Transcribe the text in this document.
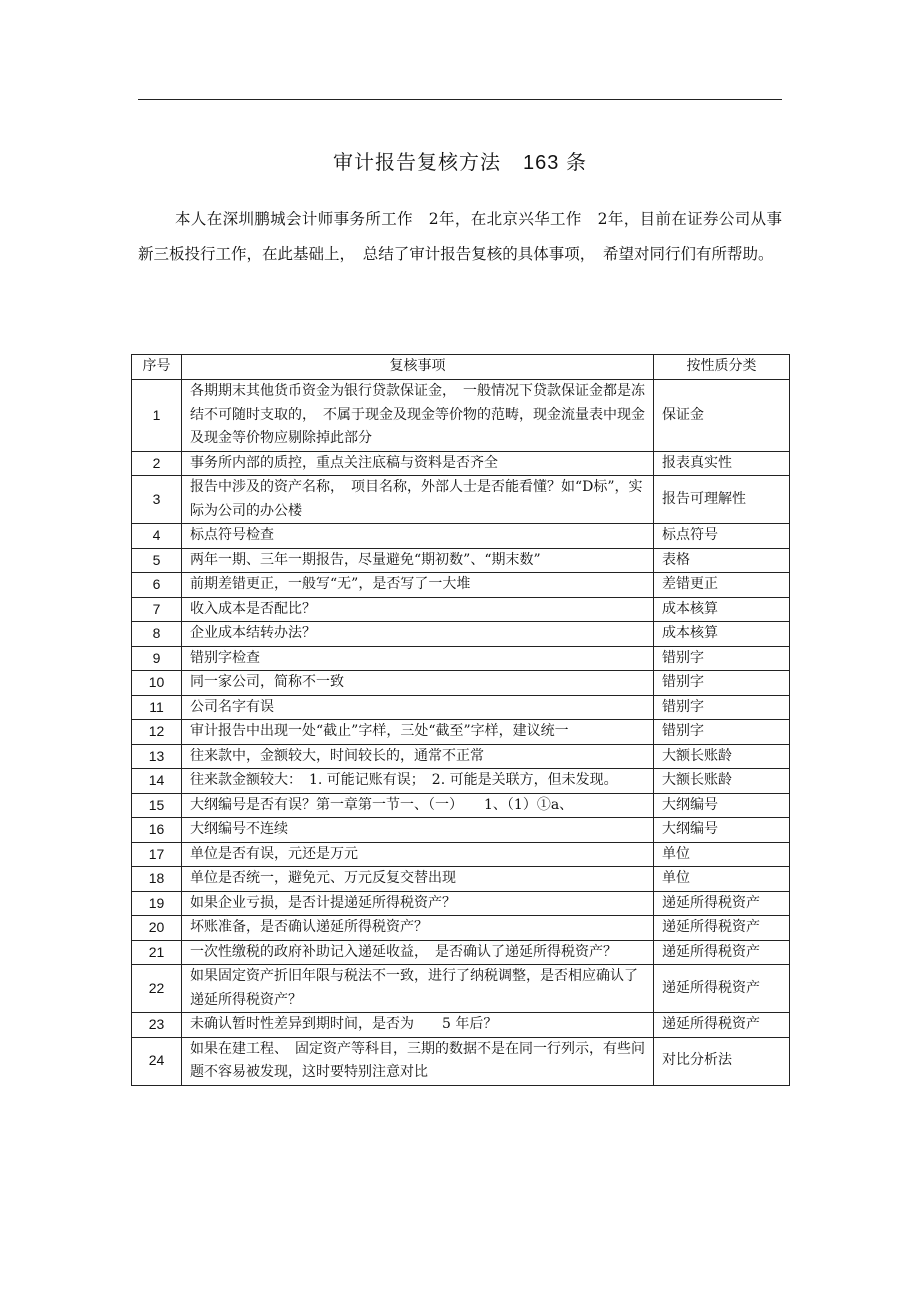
审计报告复核方法 163 条

本人在深圳鹏城会计师事务所工作　2年，在北京兴华工作　2年，目前在证券公司从事新三板投行工作，在此基础上，　总结了审计报告复核的具体事项，　希望对同行们有所帮助。

序号	复核事项	按性质分类
1	各期期末其他货币资金为银行贷款保证金，　一般情况下贷款保证金都是冻结不可随时支取的，　不属于现金及现金等价物的范畴，现金流量表中现金及现金等价物应剔除掉此部分	保证金
2	事务所内部的质控，重点关注底稿与资料是否齐全	报表真实性
3	报告中涉及的资产名称，　项目名称，外部人士是否能看懂？如“D标”，实际为公司的办公楼	报告可理解性
4	标点符号检查	标点符号
5	两年一期、三年一期报告，尽量避免“期初数”、“期末数”	表格
6	前期差错更正，一般写“无”，是否写了一大堆	差错更正
7	收入成本是否配比？	成本核算
8	企业成本结转办法？	成本核算
9	错别字检查	错别字
10	同一家公司，简称不一致	错别字
11	公司名字有误	错别字
12	审计报告中出现一处“截止”字样，三处“截至”字样，建议统一	错别字
13	往来款中，金额较大，时间较长的，通常不正常	大额长账龄
14	往来款金额较大：　1. 可能记账有误；　2. 可能是关联方，但未发现。	大额长账龄
15	大纲编号是否有误？第一章第一节一、（一）　　1、（1）①a、	大纲编号
16	大纲编号不连续	大纲编号
17	单位是否有误，元还是万元	单位
18	单位是否统一，避免元、万元反复交替出现	单位
19	如果企业亏损，是否计提递延所得税资产？	递延所得税资产
20	坏账准备，是否确认递延所得税资产？	递延所得税资产
21	一次性缴税的政府补助记入递延收益，　是否确认了递延所得税资产？	递延所得税资产
22	如果固定资产折旧年限与税法不一致，进行了纳税调整，是否相应确认了递延所得税资产？	递延所得税资产
23	未确认暂时性差异到期时间，是否为　　5 年后？	递延所得税资产
24	如果在建工程、　固定资产等科目，三期的数据不是在同一行列示，有些问题不容易被发现，这时要特别注意对比	对比分析法
